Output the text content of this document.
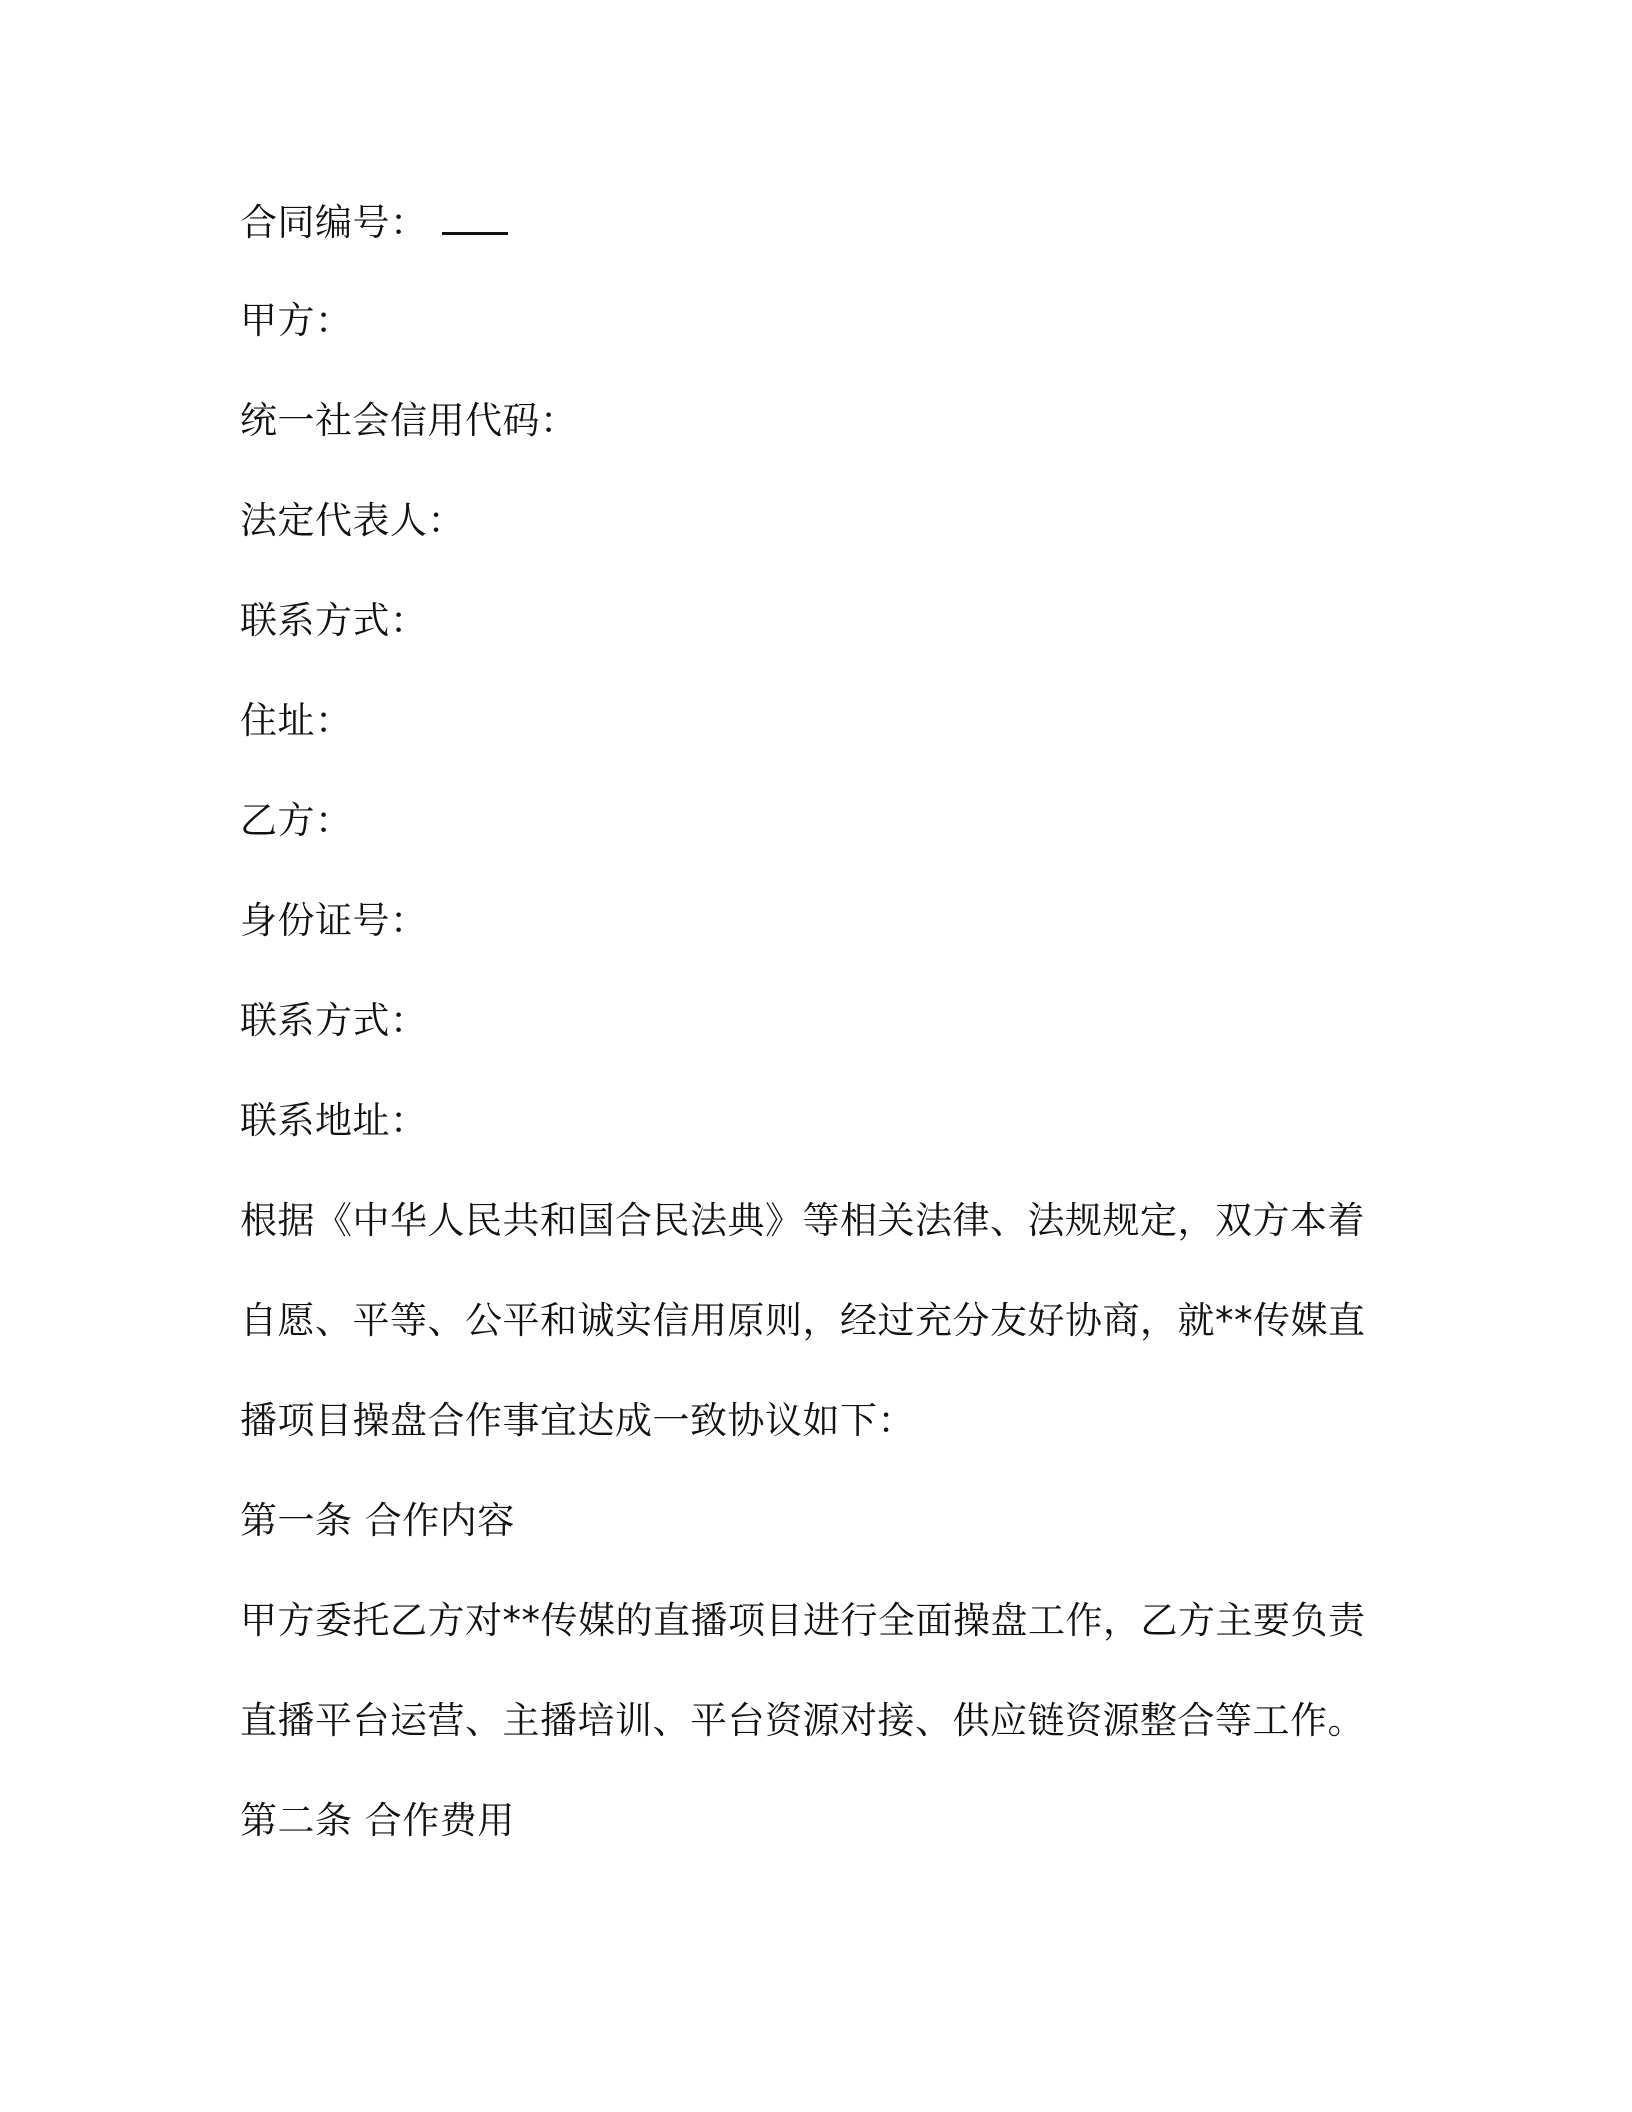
合同编号：
甲方：
统一社会信用代码：
法定代表人：
联系方式：
住址：
乙方：
身份证号：
联系方式：
联系地址：
根据《中华人民共和国合民法典》等相关法律、法规规定，双方本着
自愿、平等、公平和诚实信用原则，经过充分友好协商，就**传媒直
播项目操盘合作事宜达成一致协议如下：
第一条 合作内容
甲方委托乙方对**传媒的直播项目进行全面操盘工作，乙方主要负责
直播平台运营、主播培训、平台资源对接、供应链资源整合等工作。
第二条 合作费用
